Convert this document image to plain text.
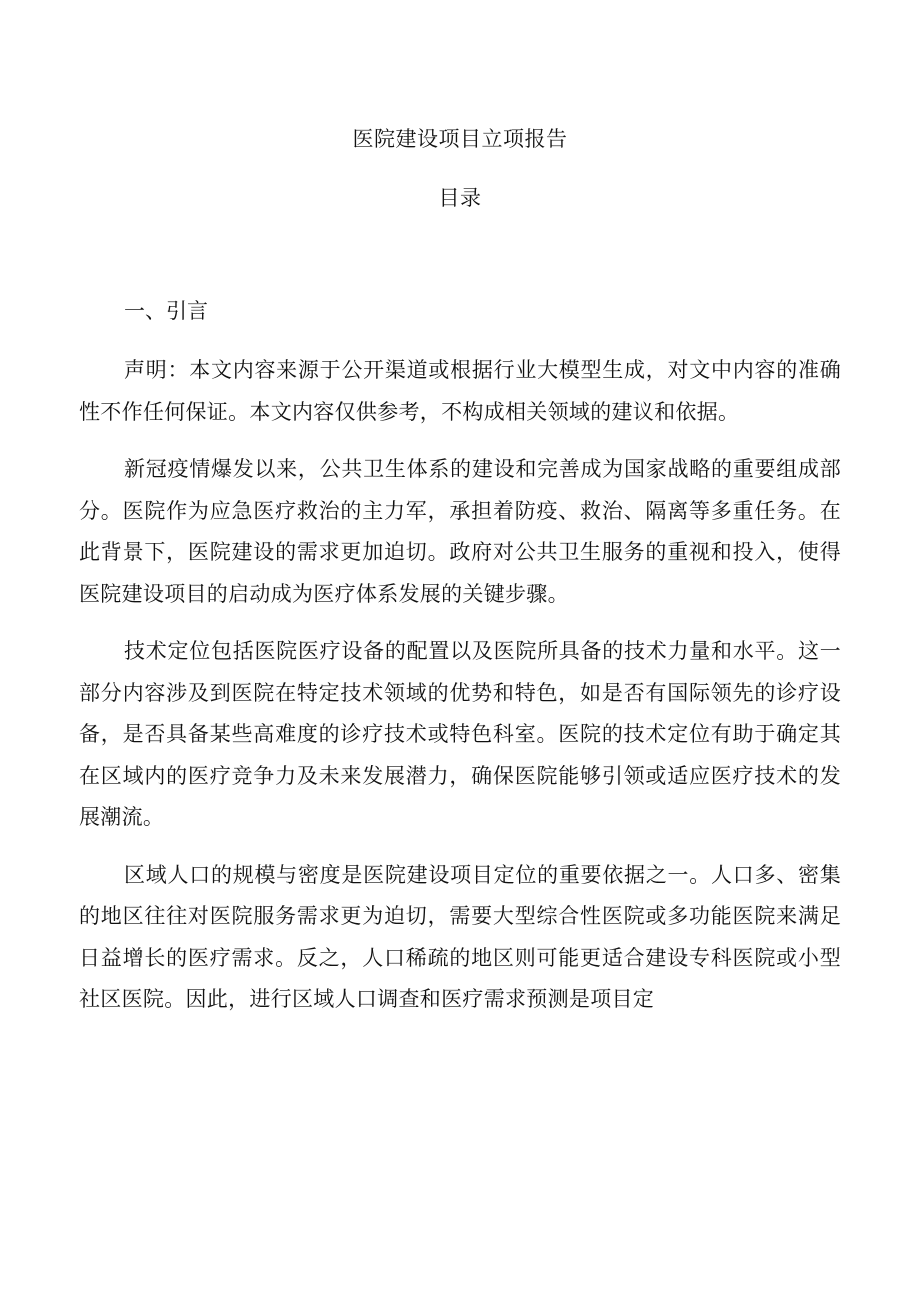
医院建设项目立项报告
目录
一、引言

声明：本文内容来源于公开渠道或根据行业大模型生成，对文中内容的准确性不作任何保证。本文内容仅供参考，不构成相关领域的建议和依据。

新冠疫情爆发以来，公共卫生体系的建设和完善成为国家战略的重要组成部分。医院作为应急医疗救治的主力军，承担着防疫、救治、隔离等多重任务。在此背景下，医院建设的需求更加迫切。政府对公共卫生服务的重视和投入，使得医院建设项目的启动成为医疗体系发展的关键步骤。

技术定位包括医院医疗设备的配置以及医院所具备的技术力量和水平。这一部分内容涉及到医院在特定技术领域的优势和特色，如是否有国际领先的诊疗设备，是否具备某些高难度的诊疗技术或特色科室。医院的技术定位有助于确定其在区域内的医疗竞争力及未来发展潜力，确保医院能够引领或适应医疗技术的发展潮流。

区域人口的规模与密度是医院建设项目定位的重要依据之一。人口多、密集的地区往往对医院服务需求更为迫切，需要大型综合性医院或多功能医院来满足日益增长的医疗需求。反之，人口稀疏的地区则可能更适合建设专科医院或小型社区医院。因此，进行区域人口调查和医疗需求预测是项目定
